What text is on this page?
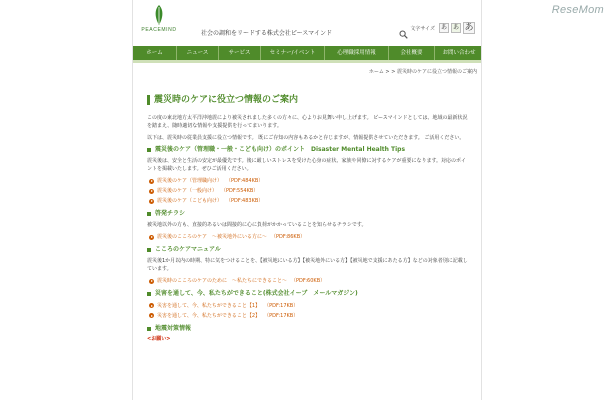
ReseMom
PEACEMIND	社会の調和をリードする株式会社ピースマインド
文字サイズ あ あ あ
ホーム	ニュース	サービス	セミナー/イベント	心理職採用情報	会社概要	お問い合わせ
ホーム > > 震災時のケアに役立つ情報のご案内
震災時のケアに役立つ情報のご案内

この度の東北地方太平洋沖地震により被災されました多くの方々に、心よりお見舞い申し上げます。 ピースマインドとしては、地域の最新状況を踏まえ、随時適切な情報や支援提供を行ってまいります。

以下は、震災時の従業員支援に役立つ情報です。 既にご存知の内容もあるかと存じますが、情報提供させていただきます。 ご活用ください。

震災後のケア（管理職・一般・こども向け）のポイント　Disaster Mental Health Tips

震災後は、安全と生活の安定が最優先です。後に厳しいストレスを受けた心身の症状、家族や同僚に対するケアが重要になります。対応のポイントを掲載いたします。ぜひご活用ください。

震災後のケア（管理職向け） （PDF:484KB）
震災後のケア（一般向け） （PDF:554KB）
震災後のケア（こども向け） （PDF:483KB）
啓発チラシ

被災地以外の方も、直接的あるいは間接的に心に負荷がかかっていることを知らせるチラシです。

震災後のこころのケア　～被災地外にいる方に～ （PDF:86KB）
こころのケアマニュアル

震災後1か月以内の時期、特に気をつけることを、【被災地にいる方】【被災地外にいる方】【被災地で支援にあたる方】などの対象者別に記載しています。

震災時のこころのケアのために　～私たちにできること～ （PDF:60KB）
災害を通して、今、私たちができること(株式会社イーブ　メールマガジン)
災害を通して、今、私たちができること【1】 （PDF:17KB）
災害を通して、今、私たちができること【2】 （PDF:17KB）
地震対策情報
<お願い>
